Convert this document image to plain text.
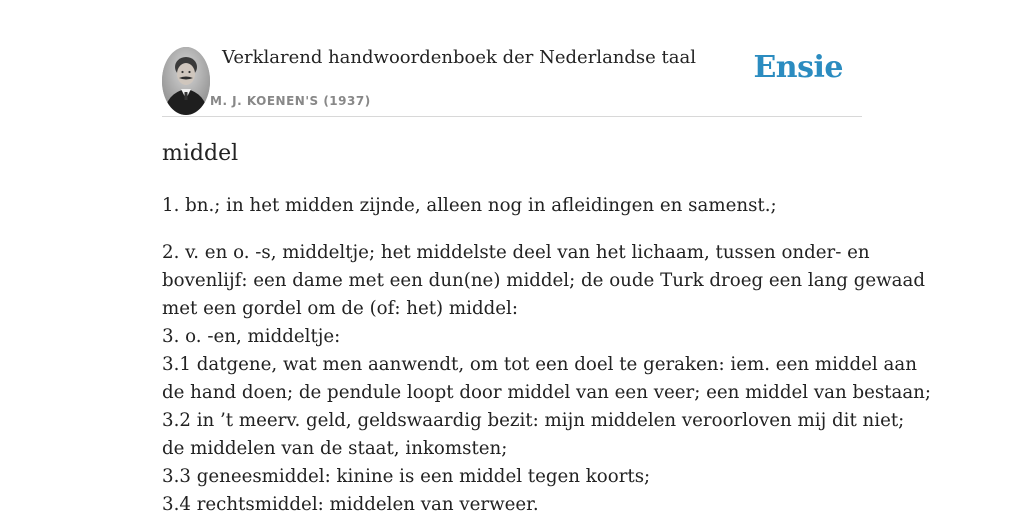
Verklarend handwoordenboek der Nederlandse taal
M. J. KOENEN'S (1937)
Ensie
middel

1. bn.; in het midden zijnde, alleen nog in afleidingen en samenst.;

2. v. en o. -s, middeltje; het middelste deel van het lichaam, tussen onder- en
bovenlijf: een dame met een dun(ne) middel; de oude Turk droeg een lang gewaad
met een gordel om de (of: het) middel:
3. o. -en, middeltje:
3.1 datgene, wat men aanwendt, om tot een doel te geraken: iem. een middel aan
de hand doen; de pendule loopt door middel van een veer; een middel van bestaan;
3.2 in ’t meerv. geld, geldswaardig bezit: mijn middelen veroorloven mij dit niet;
de middelen van de staat, inkomsten;
3.3 geneesmiddel: kinine is een middel tegen koorts;
3.4 rechtsmiddel: middelen van verweer.
